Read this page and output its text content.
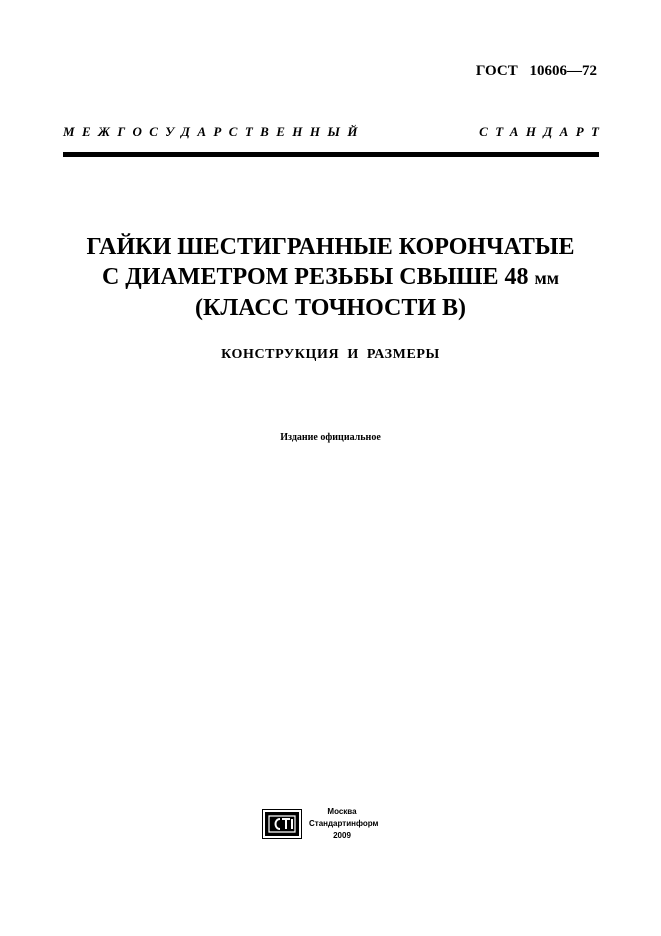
ГОСТ 10606—72
МЕЖГОСУДАРСТВЕННЫЙ	СТАНДАРТ
ГАЙКИ ШЕСТИГРАННЫЕ КОРОНЧАТЫЕ
С ДИАМЕТРОМ РЕЗЬБЫ СВЫШЕ 48 мм
(КЛАСС ТОЧНОСТИ В)
КОНСТРУКЦИЯ И РАЗМЕРЫ
Издание официальное
Москва
Стандартинформ
2009
